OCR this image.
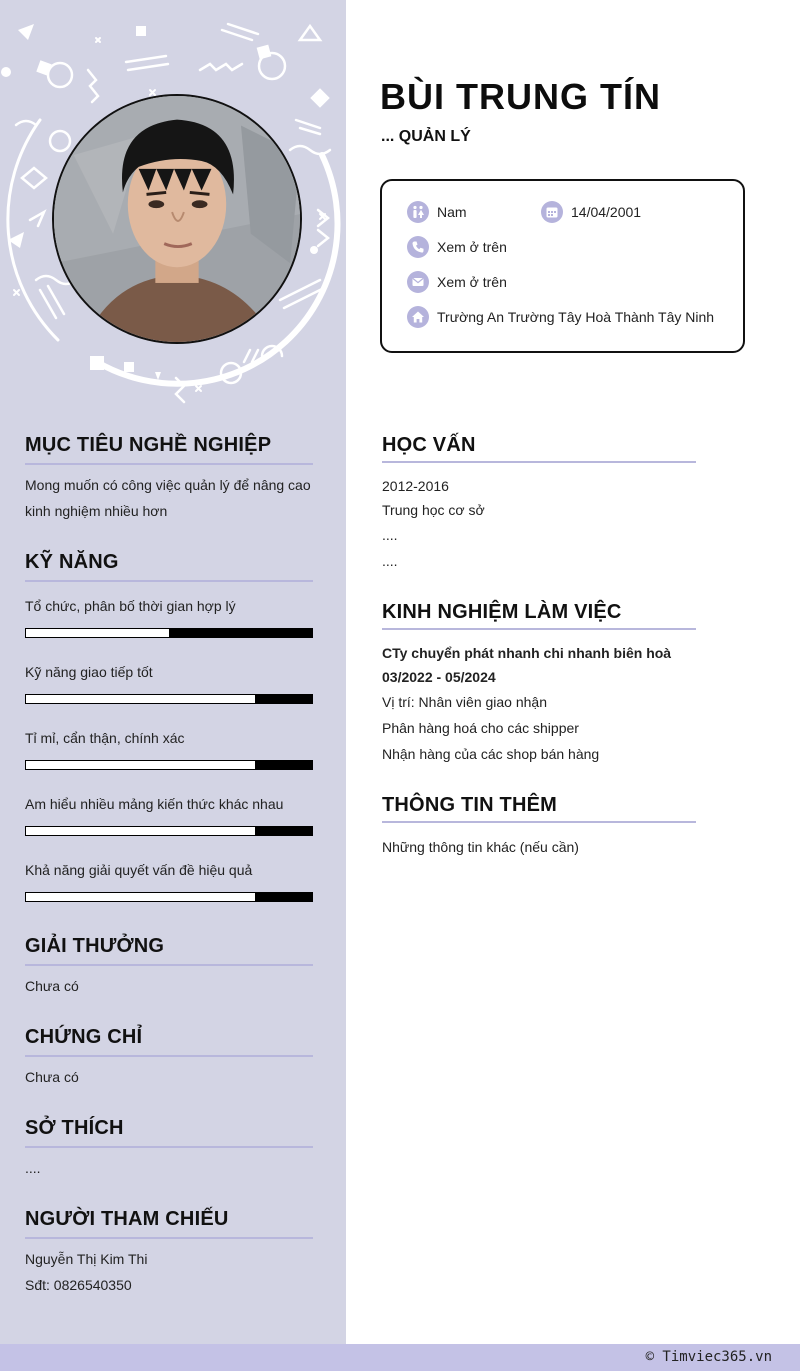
MỤC TIÊU NGHỀ NGHIỆP
Mong muốn có công việc quản lý để nâng cao
kinh nghiệm nhiều hơn
KỸ NĂNG
Tổ chức, phân bố thời gian hợp lý
Kỹ năng giao tiếp tốt
Tỉ mỉ, cẩn thận, chính xác
Am hiểu nhiều mảng kiến thức khác nhau
Khả năng giải quyết vấn đề hiệu quả
GIẢI THƯỞNG
Chưa có
CHỨNG CHỈ
Chưa có
SỞ THÍCH
....
NGƯỜI THAM CHIẾU
Nguyễn Thị Kim Thi
Sđt: 0826540350
BÙI TRUNG TÍN
... QUẢN LÝ
Nam	14/04/2001
Xem ở trên
Xem ở trên
Trường An Trường Tây Hoà Thành Tây Ninh
HỌC VẤN
2012-2016
Trung học cơ sở
....
....
KINH NGHIỆM LÀM VIỆC
CTy chuyển phát nhanh chi nhanh biên hoà
03/2022 - 05/2024
Vị trí: Nhân viên giao nhận
Phân hàng hoá cho các shipper
Nhận hàng của các shop bán hàng
THÔNG TIN THÊM
Những thông tin khác (nếu cần)
© Timviec365.vn
